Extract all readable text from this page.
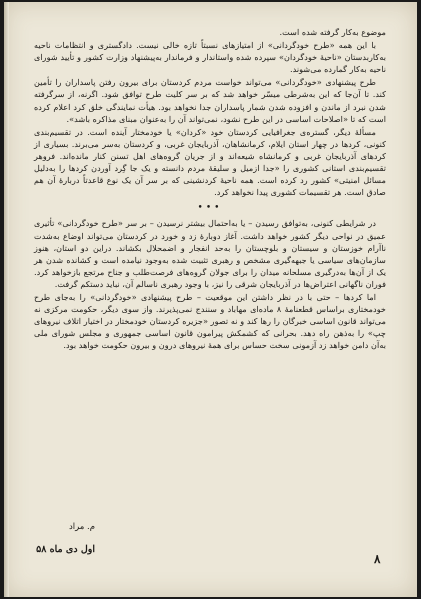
موضوع به‌کار گرفته شده است.

با این همه «طرح خودگردانی» از امتیازهای نسبتاً تازه خالی نیست. دادگستری و انتظامات ناحیه به‌کاربدستان «ناحیهٔ خودگردان» سپرده شده واستاندار و فرماندار به‌پیشنهاد وزارت کشور و تأیید شورای ناحیه به‌کار گمارده می‌شوند.

طرح پیشنهادی «خودگردانی» می‌تواند خواست مردم کردستان برای بیرون رفتن پاسداران را تأمین کند. تا آن‌جا که این به‌شرطی میسّر خواهد شد که بر سر کلیت طرح توافق شود. اگرنه، از سرگرفته شدن نبرد از ماندن و افزوده شدن شمار پاسداران جدا نخواهد بود. هیأت نمایندگی خلق کرد اعلام کرده است که تا «اصلاحات اساسی در این طرح نشود، نمی‌تواند آن را به‌عنوان مبنای مذاکره باشد».

مسألهٔ دیگر، گستره‌ی جغرافیایی کردستان خود «کردان» یا خودمختار آینده است. در تقسیم‌بندی کنونی، کردها در چهار استان ایلام، کرمانشاهان، آذربایجان غربی، و کردستان به‌سر می‌برند. بسیاری از کردهای آذربایجان غربی و کرمانشاه شیعه‌اند و از جریان گروه‌های اهل تسنن کنار مانده‌اند. فروهر تقسیم‌بندی استانی کشوری را «جدا ازمیل و سلیقهٔ مردم دانسته و یک جا گِرد آوردن کردها را به‌دلیل مسائل امنیتی» کشور رد کرده است. همه ناحیهٔ کردنشینی که بر سر آن یک نوع قاعدتاً دربارهٔ آن هم صادق است. هر تقسیمات کشوری پیدا نخواهد کرد.

•••

در شرایطی کنونی، به‌توافق رسیدن – یا به‌احتمال بیشتر نرسیدن – بر سر «طرح خودگردانی» تأثیری عمیق در نواحی دیگر کشور خواهد داشت. آغاز دوبارهٔ زد و خورد در کردستان می‌تواند اوضاع به‌شدت ناآرام خوزستان و سیستان و بلوچستان را به‌حد انفجار و اضمحلال بکشاند. دراین دو استان، هنوز سازمان‌های سیاسی یا جبهه‌گیری مشخص و رهبری تثبیت شده به‌وجود نیامده است و کشانده شدن هر یک از آن‌ها به‌درگیری مسلحانه میدان را برای جولان گروه‌های فرصت‌طلب و جناح مرتجع بازخواهد کرد. فوران ناگهانی اعتراض‌ها در آذربایجان شرقی را نیز، با وجود رهبری ناسالم آن، نباید دستکم گرفت.

اما کردها – حتی با در نظر داشتن این موقعیت – طرح پیشنهادی «خودگردانی» را به‌جای طرح خودمختاری براساس قطعنامهٔ ۸ ماده‌ای مهاباد و سنندج نمی‌پذیرند. واز سوی دیگر، حکومت مرکزی نه می‌تواند قانون اساسی خبرگان را رها کند و نه تصور «جزیره کردستان خودمختار در اختیار اتلاف نیروهای چپ» را به‌ذهن راه دهد. بحرانی که کشمکش پیرامون قانون اساسی جمهوری و مجلس شورای ملی به‌آن دامن خواهد زد آزمونی سخت حساس برای همهٔ نیروهای درون و بیرون حکومت خواهد بود.

م. مراد
اول دی ماه ۵۸
۸
